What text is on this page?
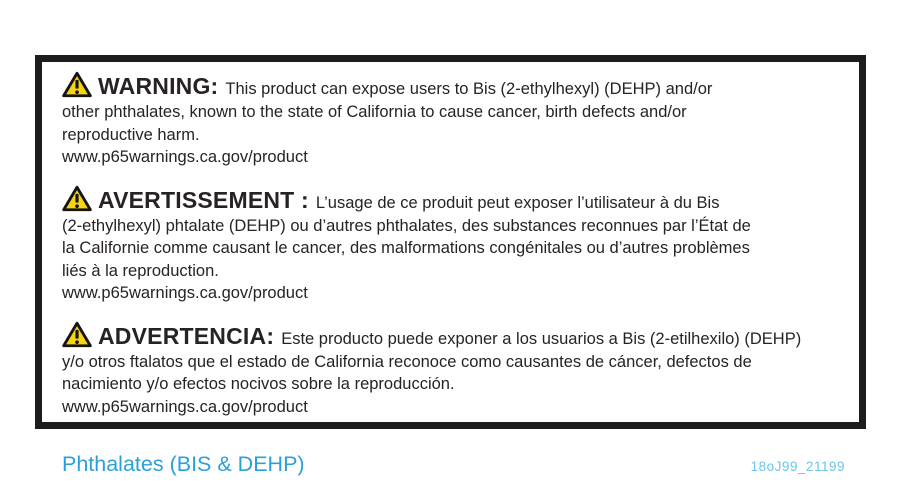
WARNING: This product can expose users to Bis (2-ethylhexyl) (DEHP) and/or
other phthalates, known to the state of California to cause cancer, birth defects and/or
reproductive harm.
www.p65warnings.ca.gov/product
AVERTISSEMENT : L’usage de ce produit peut exposer l’utilisateur à du Bis
(2-ethylhexyl) phtalate (DEHP) ou d’autres phthalates, des substances reconnues par l’État de
la Californie comme causant le cancer, des malformations congénitales ou d’autres problèmes
liés à la reproduction.
www.p65warnings.ca.gov/product
ADVERTENCIA: Este producto puede exponer a los usuarios a Bis (2-etilhexilo) (DEHP)
y/o otros ftalatos que el estado de California reconoce como causantes de cáncer, defectos de
nacimiento y/o efectos nocivos sobre la reproducción.
www.p65warnings.ca.gov/product
Phthalates (BIS & DEHP)	18oJ99_21199
